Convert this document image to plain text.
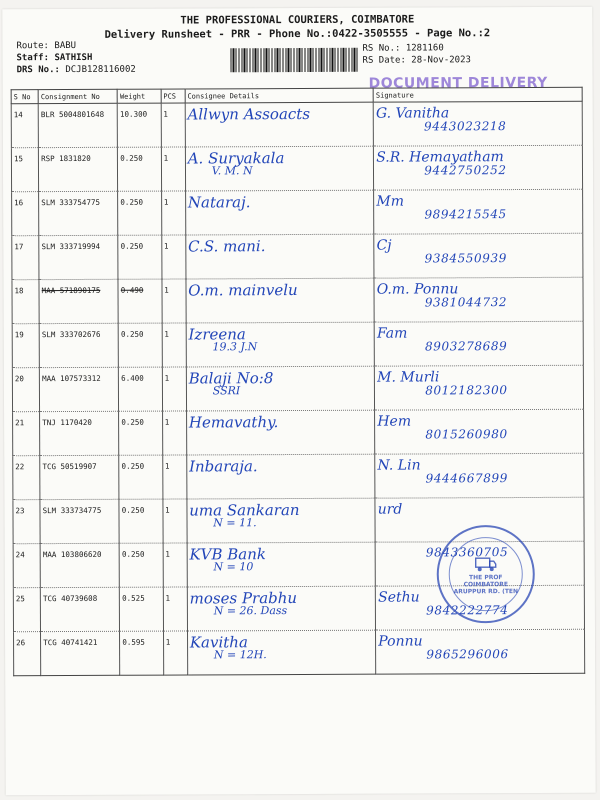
THE PROFESSIONAL COURIERS, COIMBATORE
Delivery Runsheet - PRR - Phone No.:0422-3505555 - Page No.:2
Route: BABU
Staff: SATHISH
DRS No.: DCJB128116002
RS No.: 1281160
RS Date: 28-Nov-2023
DOCUMENT DELIVERY
S No	Consignment No	Weight	PCS	Consignee Details	Signature
14	BLR 5004801648	10.300	1	Allwyn Assoacts	G. Vanitha
9443023218

15	RSP 1831820	0.250	1	A. Suryakala
V. M. N	S.R. Hemayatham
9442750252

16	SLM 333754775	0.250	1	Nataraj.	Mm
9894215545

17	SLM 333719994	0.250	1	C.S. mani.	Cj
9384550939

18	MAA 571890175	0.490	1	O.m. mainvelu	O.m. Ponnu
9381044732

19	SLM 333702676	0.250	1	Izreena
19.3 J.N	Fam
8903278689

20	MAA 107573312	6.400	1	Balaji No:8
SSRI	M. Murli
8012182300

21	TNJ 1170420	0.250	1	Hemavathy.	Hem
8015260980

22	TCG 50519907	0.250	1	Inbaraja.	N. Lin
9444667899

23	SLM 333734775	0.250	1	uma Sankaran
N = 11.	urd

24	MAA 103806620	0.250	1	KVB Bank
N = 10	9843360705

25	TCG 40739608	0.525	1	moses Prabhu
N = 26. Dass	Sethu
9842222774

26	TCG 40741421	0.595	1	Kavitha
N = 12H.	Ponnu
9865296006
THE PROF
COIMBATORE
ARUPPUR RD. (TEN
